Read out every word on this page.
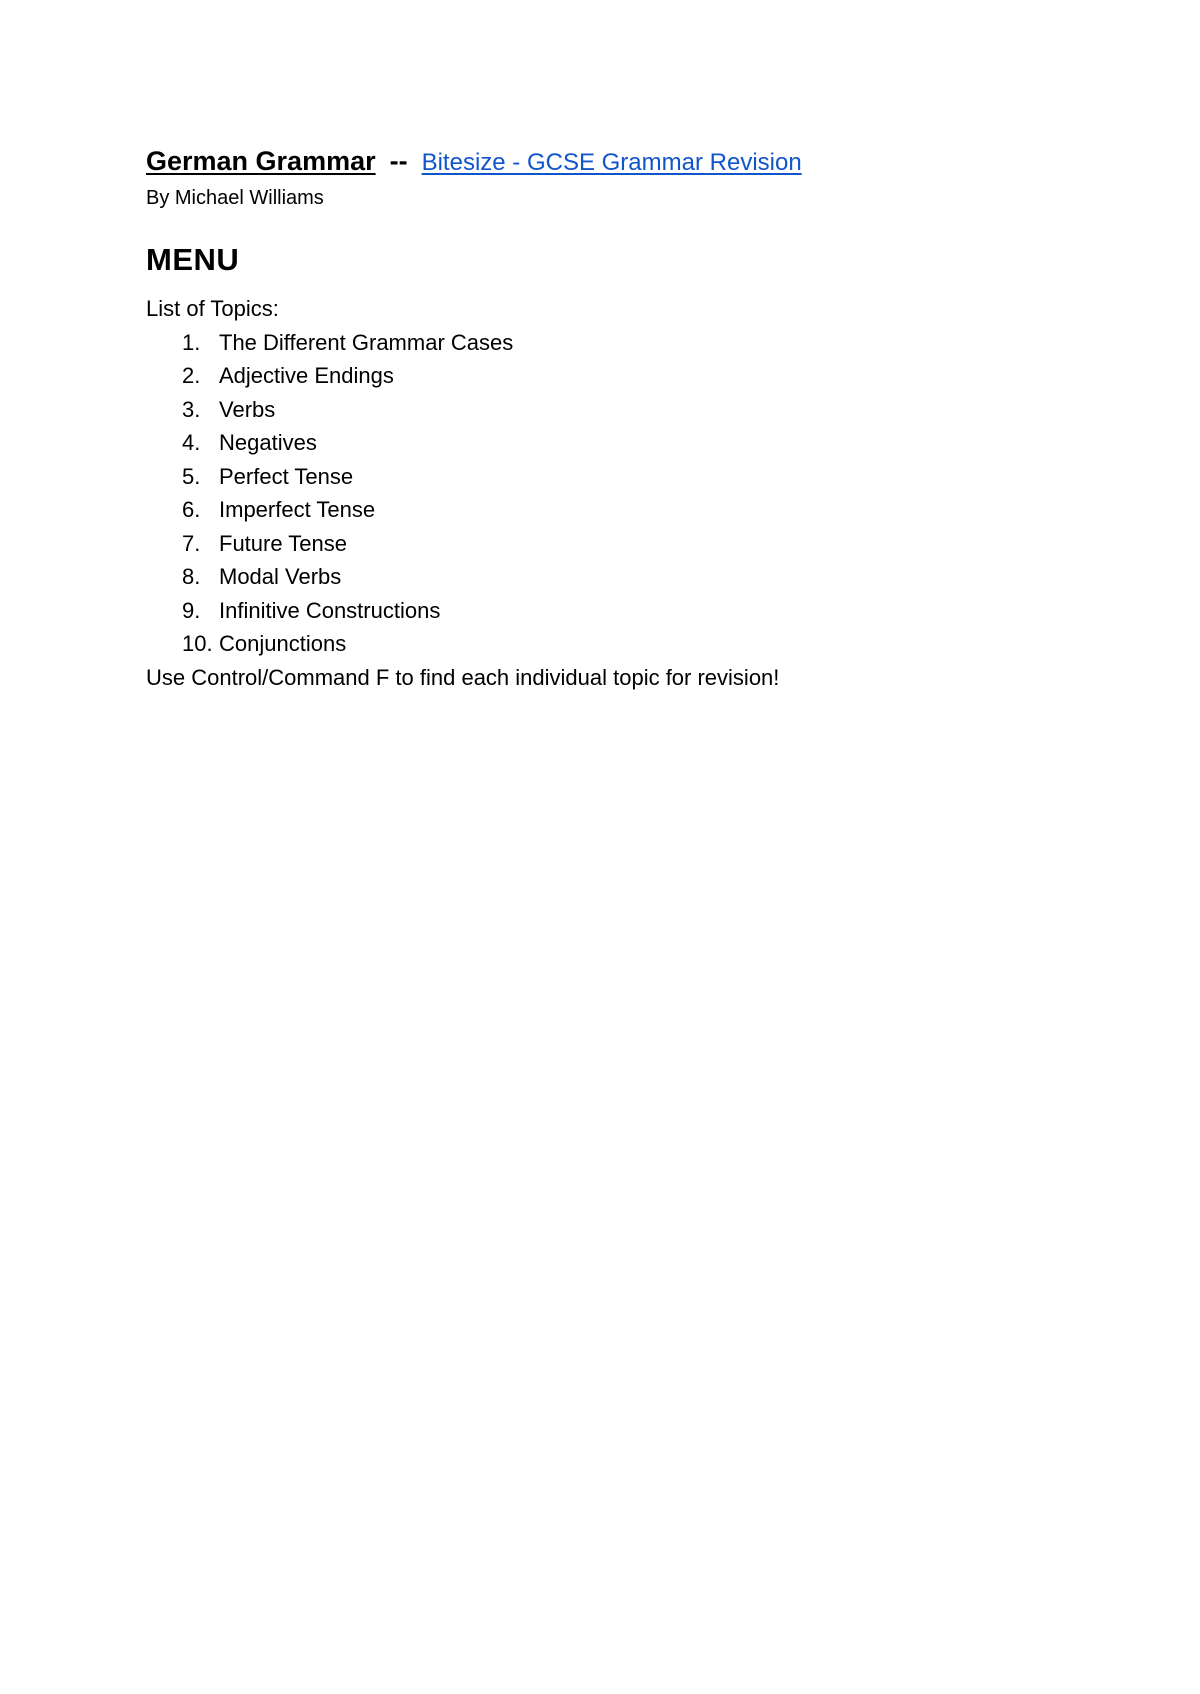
German Grammar -- Bitesize - GCSE Grammar Revision
By Michael Williams
MENU
List of Topics:
1. The Different Grammar Cases
2. Adjective Endings
3. Verbs
4. Negatives
5. Perfect Tense
6. Imperfect Tense
7. Future Tense
8. Modal Verbs
9. Infinitive Constructions
10. Conjunctions
Use Control/Command F to find each individual topic for revision!
